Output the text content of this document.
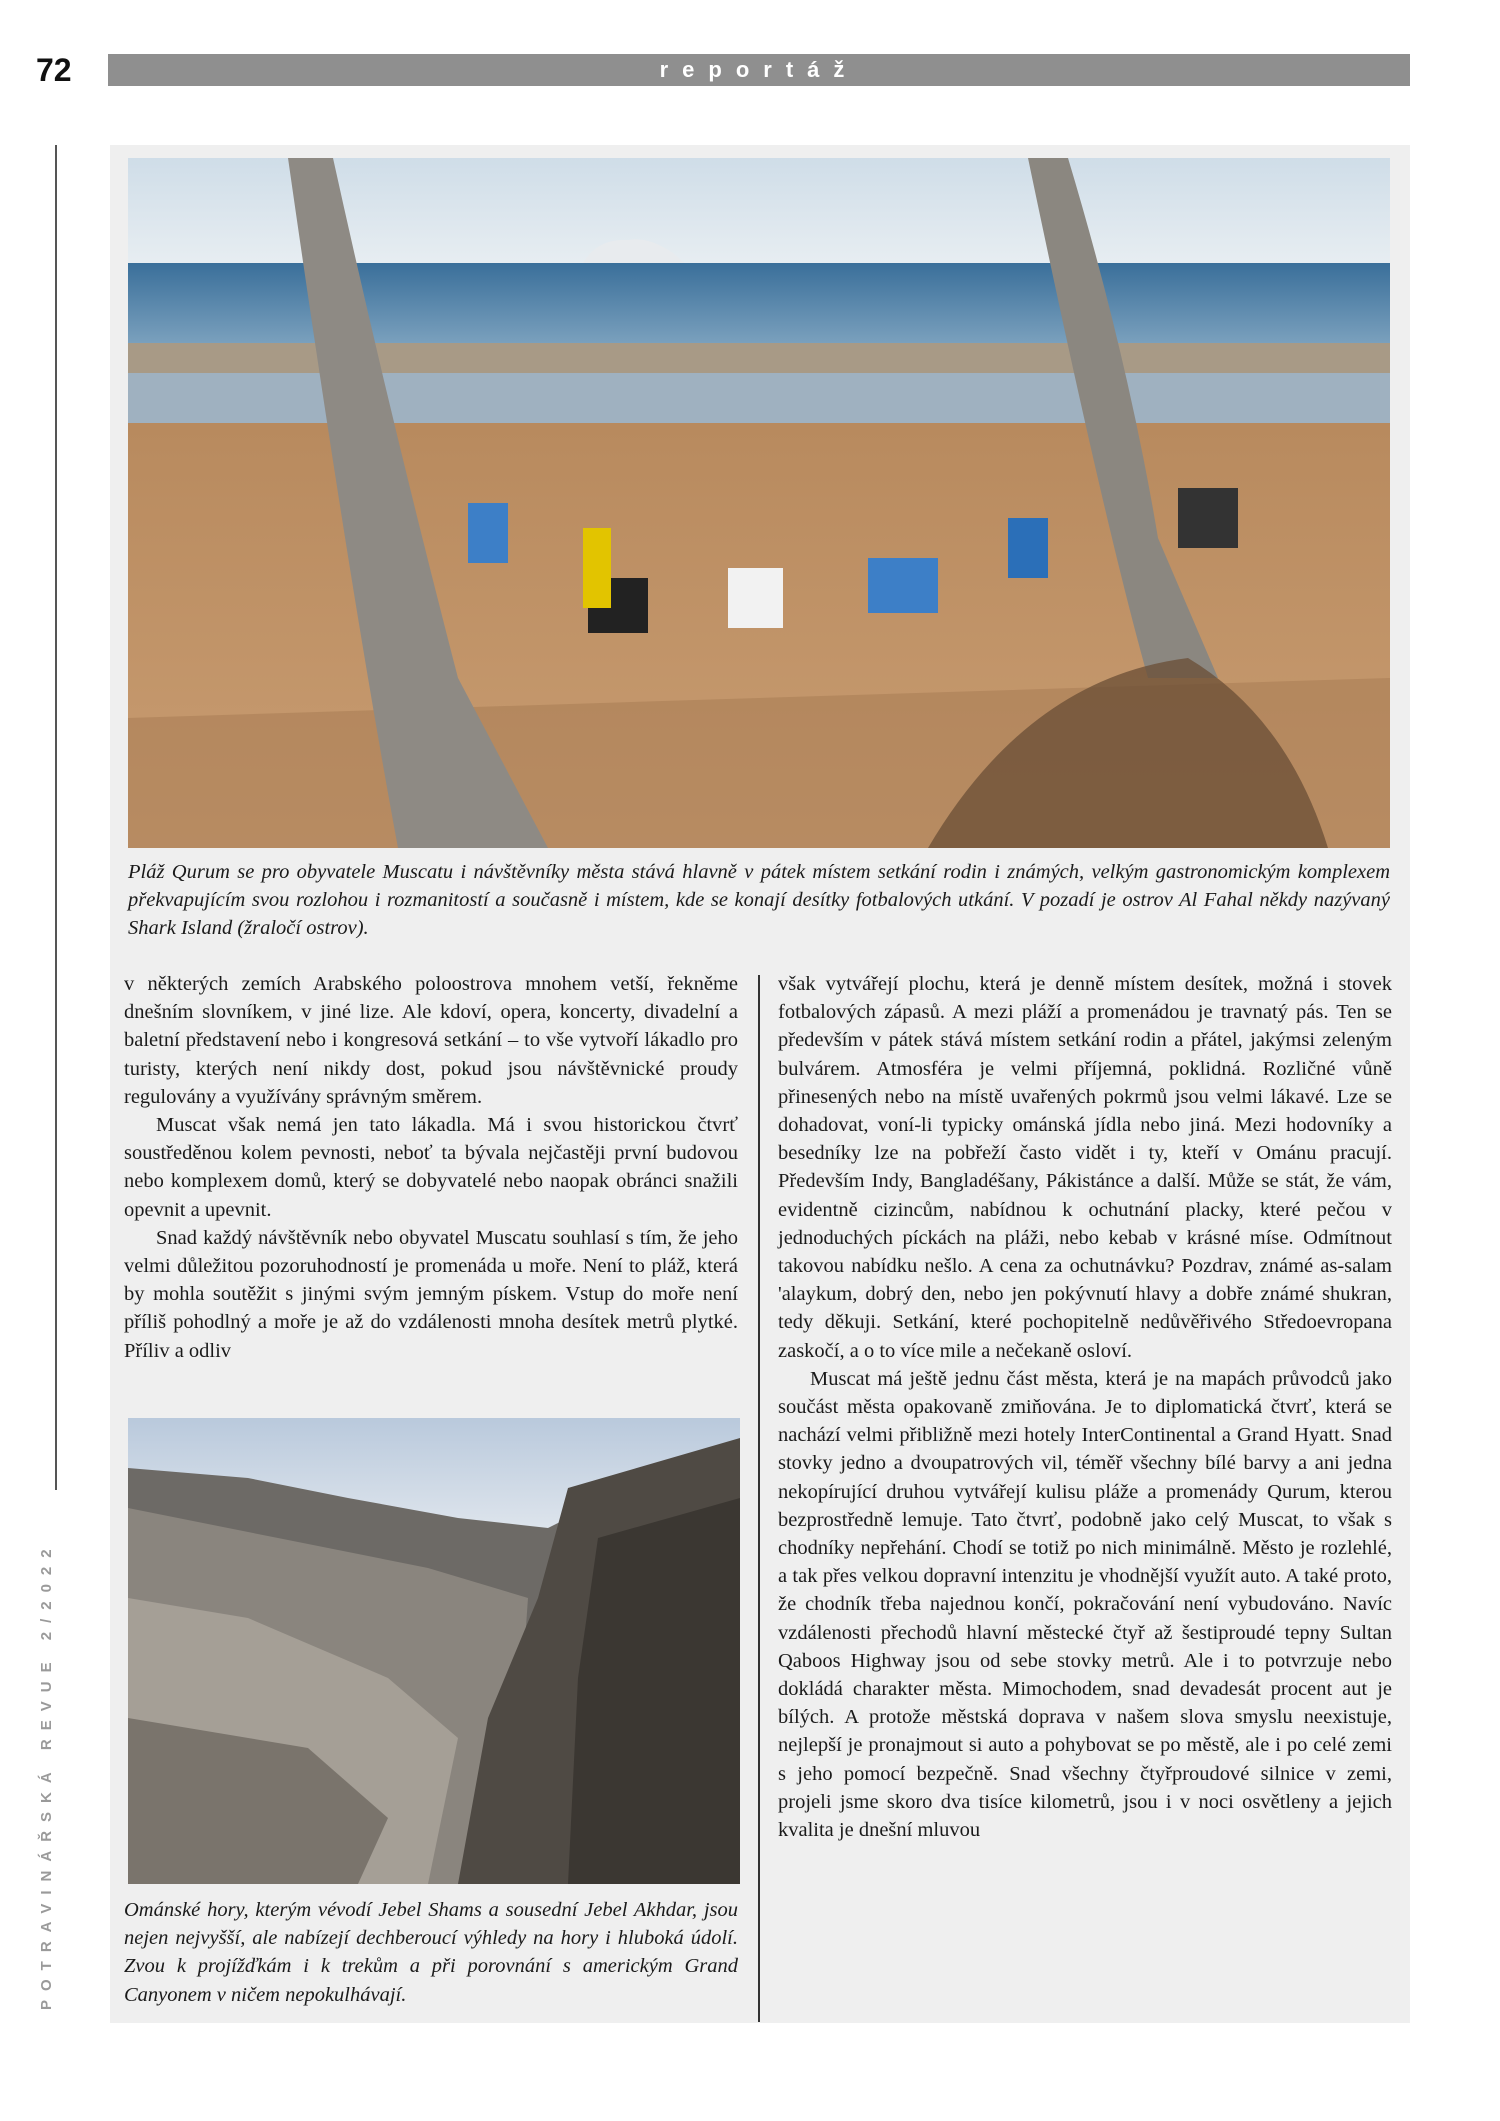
72	reportáž
POTRAVINÁŘSKÁ REVUE 2/2022
Pláž Qurum se pro obyvatele Muscatu i návštěvníky města stává hlavně v pátek místem setkání rodin i známých, velkým gastronomickým komplexem překvapujícím svou rozlohou i rozmanitostí a současně i místem, kde se konají desítky fotbalových utkání. V pozadí je ostrov Al Fahal někdy nazývaný Shark Island (žraločí ostrov).

v některých zemích Arabského poloostrova mnohem vetší, řekněme dnešním slovníkem, v jiné lize. Ale kdoví, opera, koncerty, divadelní a baletní představení nebo i kongresová setkání – to vše vytvoří lákadlo pro turisty, kterých není nikdy dost, pokud jsou návštěvnické proudy regulovány a využívány správným směrem.

Muscat však nemá jen tato lákadla. Má i svou historickou čtvrť soustředěnou kolem pevnosti, neboť ta bývala nejčastěji první budovou nebo komplexem domů, který se dobyvatelé nebo naopak obránci snažili opevnit a upevnit.

Snad každý návštěvník nebo obyvatel Muscatu souhlasí s tím, že jeho velmi důležitou pozoruhodností je promenáda u moře. Není to pláž, která by mohla soutěžit s jinými svým jemným pískem. Vstup do moře není příliš pohodlný a moře je až do vzdálenosti mnoha desítek metrů plytké. Příliv a odliv

Ománské hory, kterým vévodí Jebel Shams a sousední Jebel Akhdar, jsou nejen nejvyšší, ale nabízejí dechberoucí výhledy na hory i hluboká údolí. Zvou k projížďkám i k trekům a při porovnání s americkým Grand Canyonem v ničem nepokulhávají.

však vytvářejí plochu, která je denně místem desítek, možná i stovek fotbalových zápasů. A mezi pláží a promenádou je travnatý pás. Ten se především v pátek stává místem setkání rodin a přátel, jakýmsi zeleným bulvárem. Atmosféra je velmi příjemná, poklidná. Rozličné vůně přinesených nebo na místě uvařených pokrmů jsou velmi lákavé. Lze se dohadovat, voní-li typicky ománská jídla nebo jiná. Mezi hodovníky a besedníky lze na pobřeží často vidět i ty, kteří v Ománu pracují. Především Indy, Bangladéšany, Pákistánce a další. Může se stát, že vám, evidentně cizincům, nabídnou k ochutnání placky, které pečou v jednoduchých píckách na pláži, nebo kebab v krásné míse. Odmítnout takovou nabídku nešlo. A cena za ochutnávku? Pozdrav, známé as-salam 'alaykum, dobrý den, nebo jen pokývnutí hlavy a dobře známé shukran, tedy děkuji. Setkání, které pochopitelně nedůvěřivého Středoevropana zaskočí, a o to více mile a nečekaně osloví.

Muscat má ještě jednu část města, která je na mapách průvodců jako součást města opakovaně zmiňována. Je to diplomatická čtvrť, která se nachází velmi přibližně mezi hotely InterContinental a Grand Hyatt. Snad stovky jedno a dvoupatrových vil, téměř všechny bílé barvy a ani jedna nekopírující druhou vytvářejí kulisu pláže a promenády Qurum, kterou bezprostředně lemuje. Tato čtvrť, podobně jako celý Muscat, to však s chodníky nepřehání. Chodí se totiž po nich minimálně. Město je rozlehlé, a tak přes velkou dopravní intenzitu je vhodnější využít auto. A také proto, že chodník třeba najednou končí, pokračování není vybudováno. Navíc vzdálenosti přechodů hlavní městecké čtyř až šestiproudé tepny Sultan Qaboos Highway jsou od sebe stovky metrů. Ale i to potvrzuje nebo dokládá charakter města. Mimochodem, snad devadesát procent aut je bílých. A protože městská doprava v našem slova smyslu neexistuje, nejlepší je pronajmout si auto a pohybovat se po městě, ale i po celé zemi s jeho pomocí bezpečně. Snad všechny čtyřproudové silnice v zemi, projeli jsme skoro dva tisíce kilometrů, jsou i v noci osvětleny a jejich kvalita je dnešní mluvou
